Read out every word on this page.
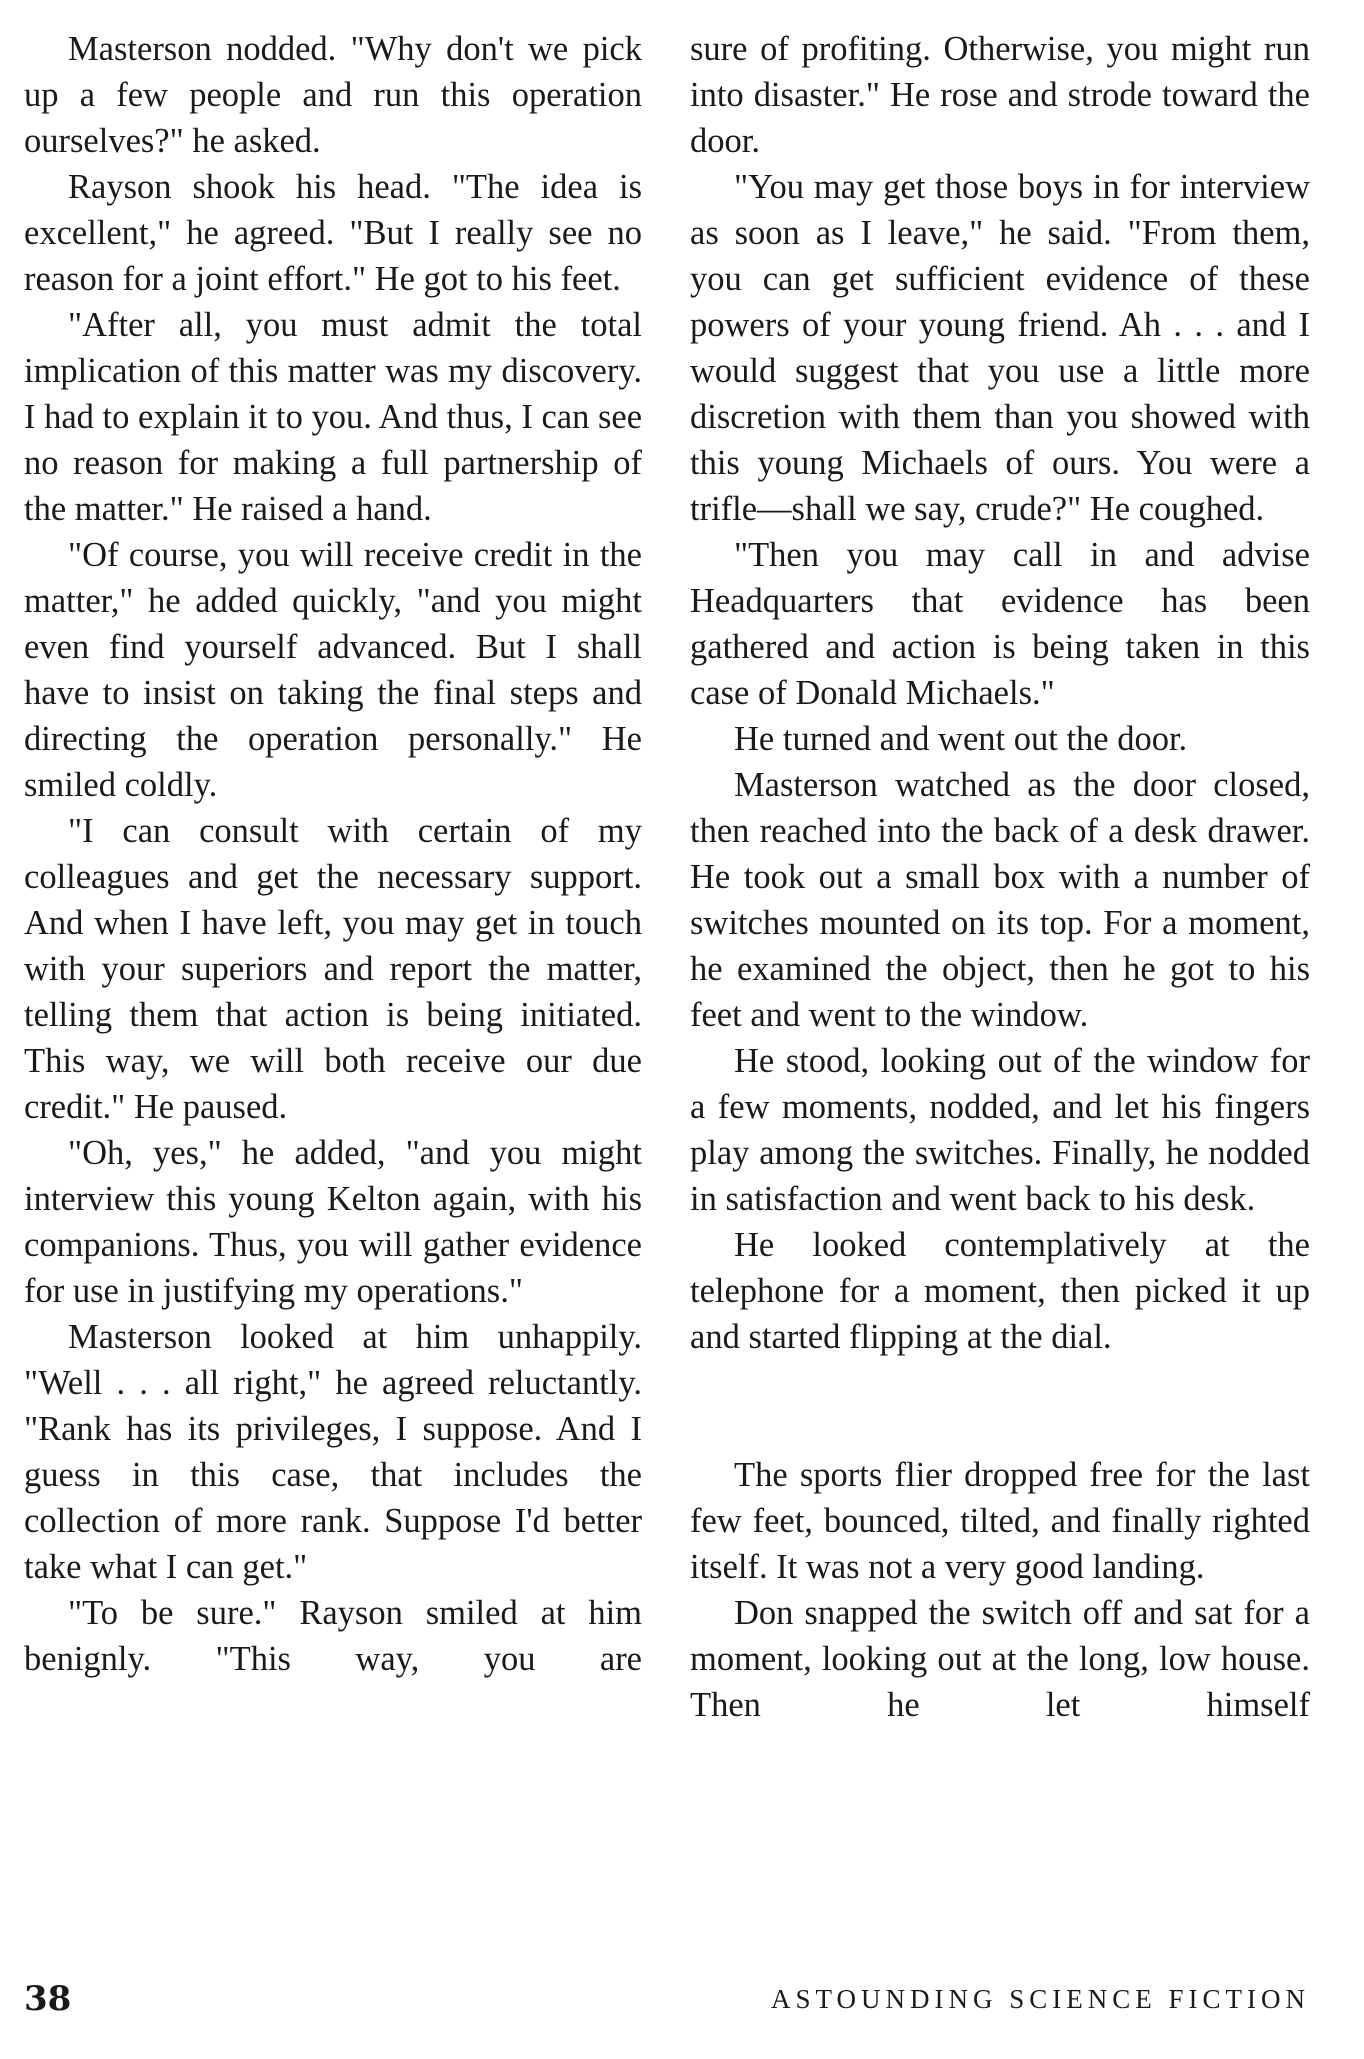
Masterson nodded. "Why don't we pick up a few people and run this operation ourselves?" he asked.

Rayson shook his head. "The idea is excellent," he agreed. "But I really see no reason for a joint effort." He got to his feet.

"After all, you must admit the total implication of this matter was my discovery. I had to explain it to you. And thus, I can see no reason for making a full partnership of the matter." He raised a hand.

"Of course, you will receive credit in the matter," he added quickly, "and you might even find yourself advanced. But I shall have to insist on taking the final steps and directing the operation personally." He smiled coldly.

"I can consult with certain of my colleagues and get the necessary support. And when I have left, you may get in touch with your superiors and report the matter, telling them that action is being initiated. This way, we will both receive our due credit." He paused.

"Oh, yes," he added, "and you might interview this young Kelton again, with his companions. Thus, you will gather evidence for use in justifying my operations."

Masterson looked at him unhappily. "Well . . . all right," he agreed reluctantly. "Rank has its privileges, I suppose. And I guess in this case, that includes the collection of more rank. Suppose I'd better take what I can get."

"To be sure." Rayson smiled at him benignly. "This way, you are

sure of profiting. Otherwise, you might run into disaster." He rose and strode toward the door.

"You may get those boys in for interview as soon as I leave," he said. "From them, you can get sufficient evidence of these powers of your young friend. Ah . . . and I would suggest that you use a little more discretion with them than you showed with this young Michaels of ours. You were a trifle—shall we say, crude?" He coughed.

"Then you may call in and advise Headquarters that evidence has been gathered and action is being taken in this case of Donald Michaels."

He turned and went out the door.

Masterson watched as the door closed, then reached into the back of a desk drawer. He took out a small box with a number of switches mounted on its top. For a moment, he examined the object, then he got to his feet and went to the window.

He stood, looking out of the window for a few moments, nodded, and let his fingers play among the switches. Finally, he nodded in satisfaction and went back to his desk.

He looked contemplatively at the telephone for a moment, then picked it up and started flipping at the dial.

The sports flier dropped free for the last few feet, bounced, tilted, and finally righted itself. It was not a very good landing.

Don snapped the switch off and sat for a moment, looking out at the long, low house. Then he let himself

38	ASTOUNDING SCIENCE FICTION
